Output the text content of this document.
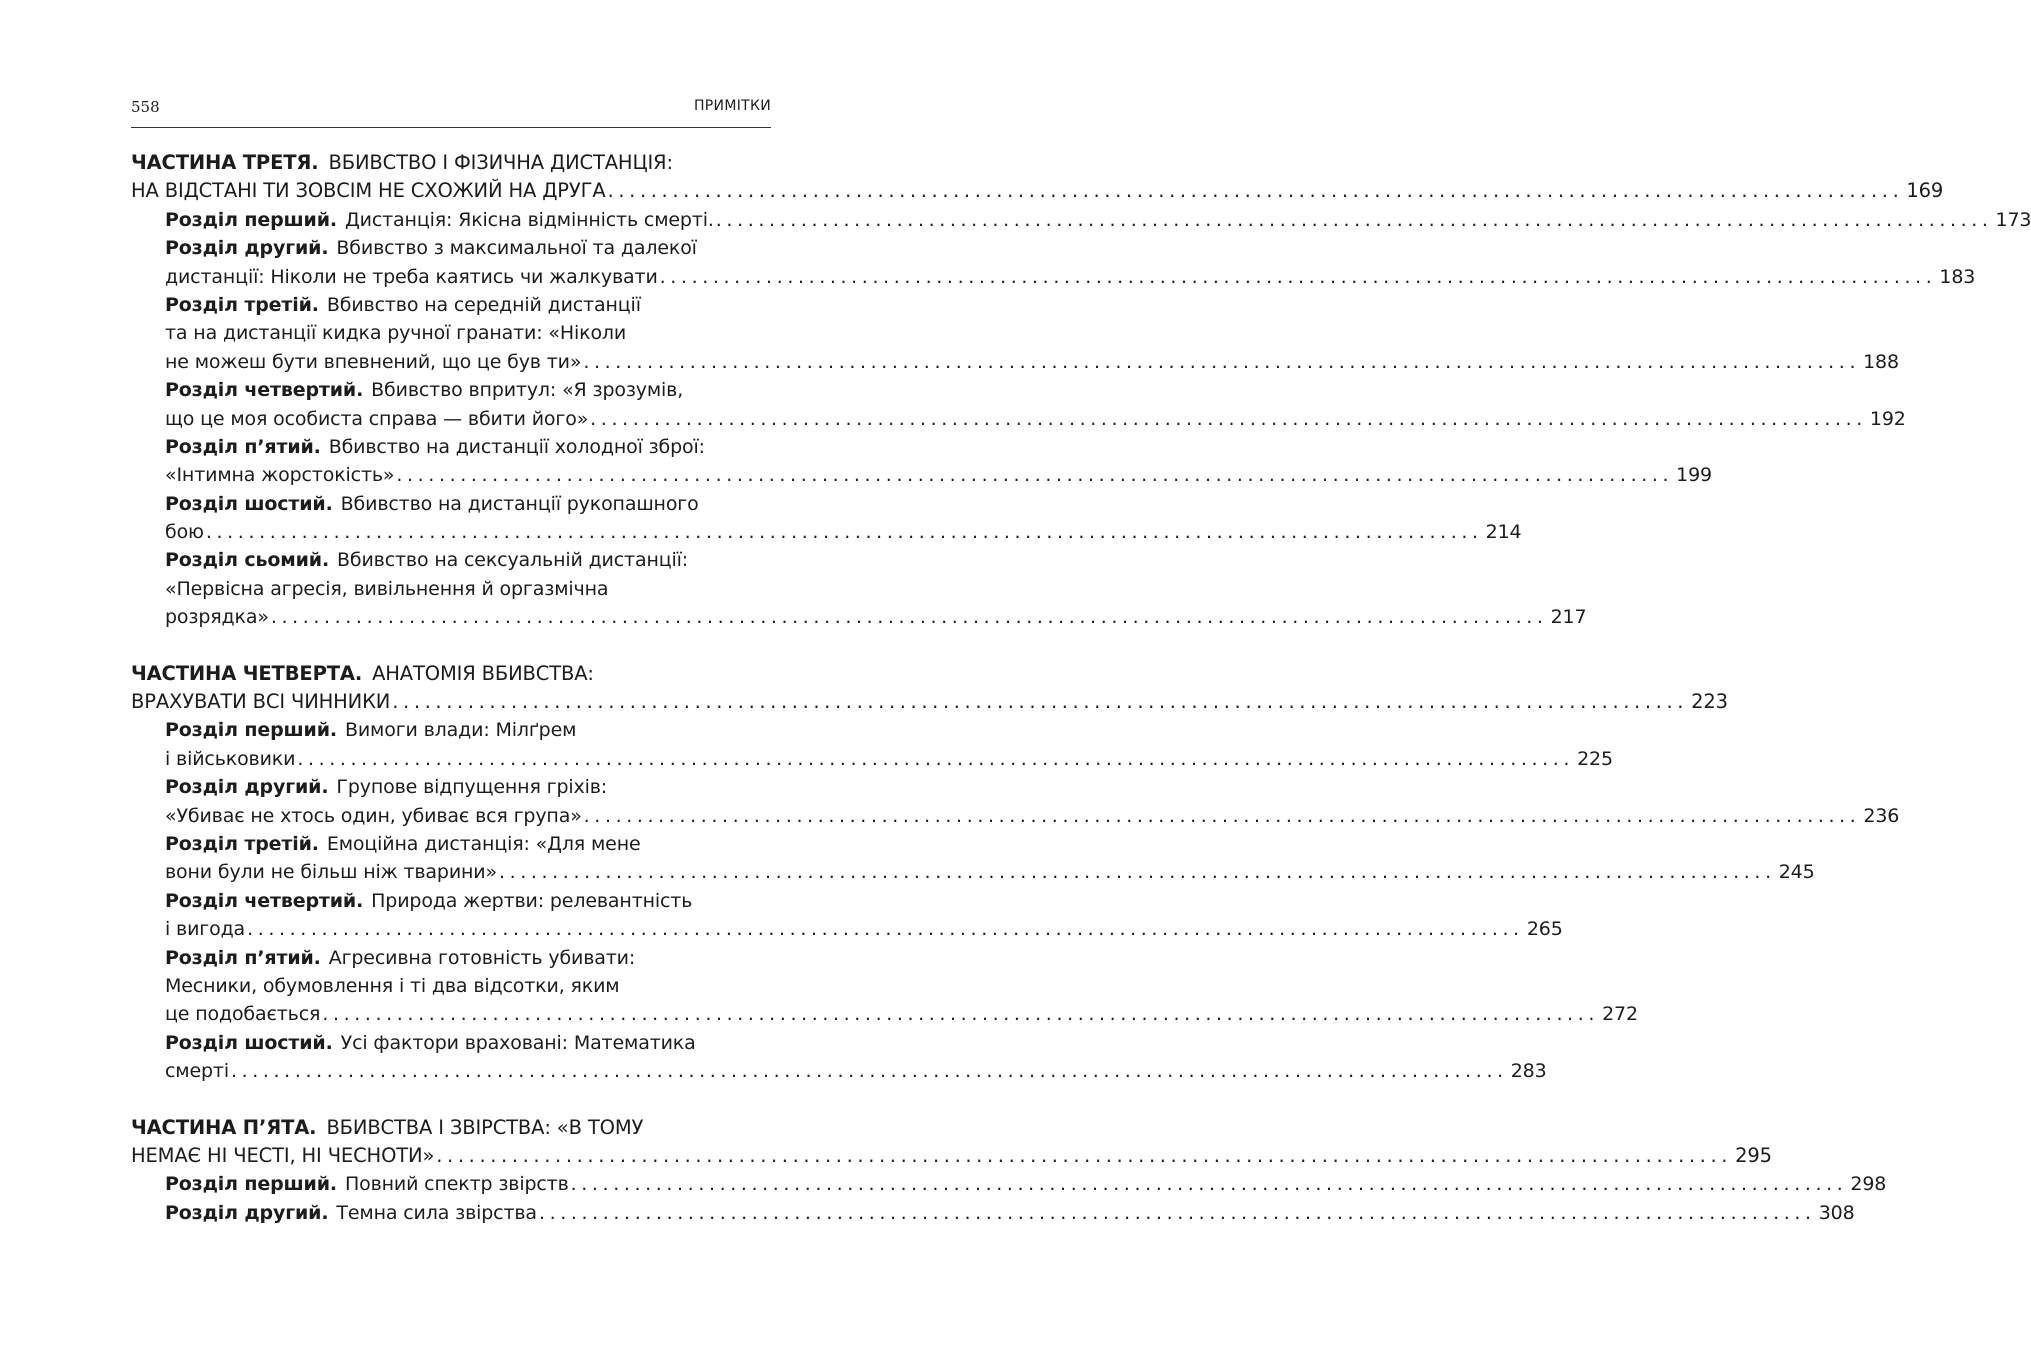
558	ПРИМІТКИ
ЧАСТИНА ТРЕТЯ. ВБИВСТВО І ФІЗИЧНА ДИСТАНЦІЯ:
НА ВІДСТАНІ ТИ ЗОВСІМ НЕ СХОЖИЙ НА ДРУГА ........................................................................................................................ 169
Розділ перший. Дистанція: Якісна відмінність смерті. ........................................................................................................................ 173
Розділ другий. Вбивство з максимальної та далекої
дистанції: Ніколи не треба каятись чи жалкувати ........................................................................................................................ 183
Розділ третій. Вбивство на середній дистанції
та на дистанції кидка ручної гранати: «Ніколи
не можеш бути впевнений, що це був ти» ........................................................................................................................ 188
Розділ четвертий. Вбивство впритул: «Я зрозумів,
що це моя особиста справа — вбити його» ........................................................................................................................ 192
Розділ п’ятий. Вбивство на дистанції холодної зброї:
«Інтимна жорстокість» ........................................................................................................................ 199
Розділ шостий. Вбивство на дистанції рукопашного
бою ........................................................................................................................ 214
Розділ сьомий. Вбивство на сексуальній дистанції:
«Первісна агресія, вивільнення й оргазмічна
розрядка» ........................................................................................................................ 217
ЧАСТИНА ЧЕТВЕРТА. АНАТОМІЯ ВБИВСТВА:
ВРАХУВАТИ ВСІ ЧИННИКИ ........................................................................................................................ 223
Розділ перший. Вимоги влади: Мілґрем
і військовики ........................................................................................................................ 225
Розділ другий. Групове відпущення гріхів:
«Убиває не хтось один, убиває вся група» ........................................................................................................................ 236
Розділ третій. Емоційна дистанція: «Для мене
вони були не більш ніж тварини» ........................................................................................................................ 245
Розділ четвертий. Природа жертви: релевантність
і вигода ........................................................................................................................ 265
Розділ п’ятий. Агресивна готовність убивати:
Месники, обумовлення і ті два відсотки, яким
це подобається ........................................................................................................................ 272
Розділ шостий. Усі фактори враховані: Математика
смерті ........................................................................................................................ 283
ЧАСТИНА П’ЯТА. ВБИВСТВА І ЗВІРСТВА: «В ТОМУ
НЕМАЄ НІ ЧЕСТІ, НІ ЧЕСНОТИ» ........................................................................................................................ 295
Розділ перший. Повний спектр звірств ........................................................................................................................ 298
Розділ другий. Темна сила звірства ........................................................................................................................ 308
